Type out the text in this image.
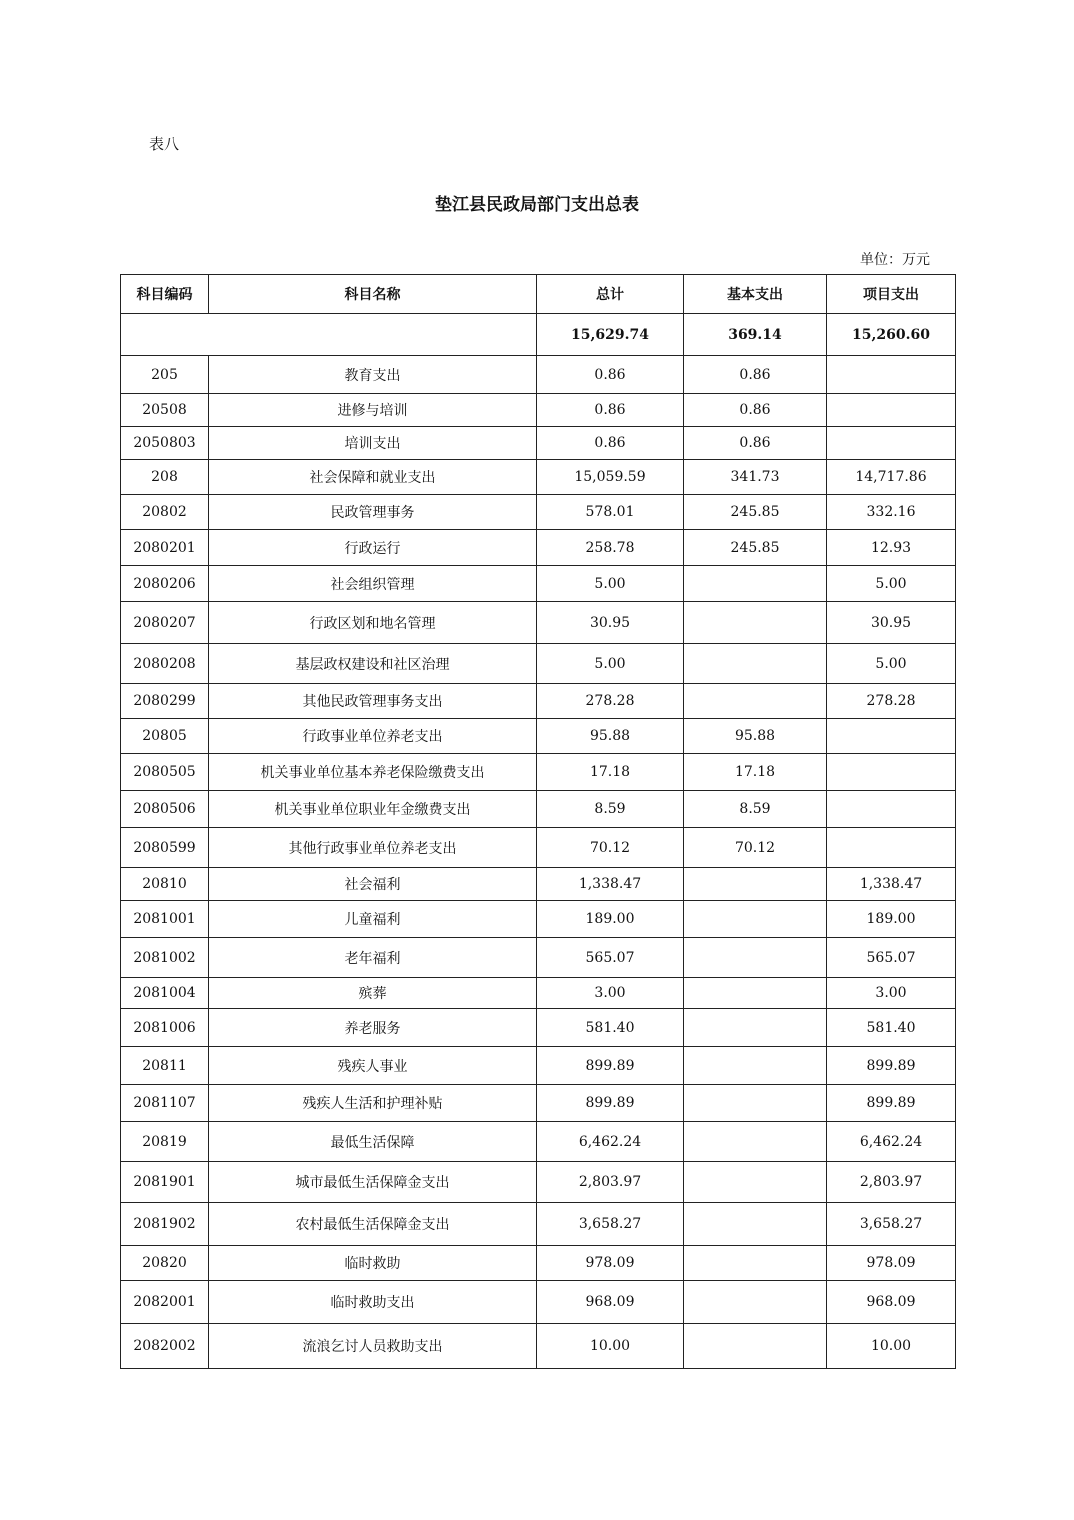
表八
垫江县民政局部门支出总表
单位：万元
科目编码	科目名称	总计	基本支出	项目支出
		15,629.74	369.14	15,260.60
205	教育支出	0.86	0.86	
20508	进修与培训	0.86	0.86	
2050803	培训支出	0.86	0.86	
208	社会保障和就业支出	15,059.59	341.73	14,717.86
20802	民政管理事务	578.01	245.85	332.16
2080201	行政运行	258.78	245.85	12.93
2080206	社会组织管理	5.00		5.00
2080207	行政区划和地名管理	30.95		30.95
2080208	基层政权建设和社区治理	5.00		5.00
2080299	其他民政管理事务支出	278.28		278.28
20805	行政事业单位养老支出	95.88	95.88	
2080505	机关事业单位基本养老保险缴费支出	17.18	17.18	
2080506	机关事业单位职业年金缴费支出	8.59	8.59	
2080599	其他行政事业单位养老支出	70.12	70.12	
20810	社会福利	1,338.47		1,338.47
2081001	儿童福利	189.00		189.00
2081002	老年福利	565.07		565.07
2081004	殡葬	3.00		3.00
2081006	养老服务	581.40		581.40
20811	残疾人事业	899.89		899.89
2081107	残疾人生活和护理补贴	899.89		899.89
20819	最低生活保障	6,462.24		6,462.24
2081901	城市最低生活保障金支出	2,803.97		2,803.97
2081902	农村最低生活保障金支出	3,658.27		3,658.27
20820	临时救助	978.09		978.09
2082001	临时救助支出	968.09		968.09
2082002	流浪乞讨人员救助支出	10.00		10.00
